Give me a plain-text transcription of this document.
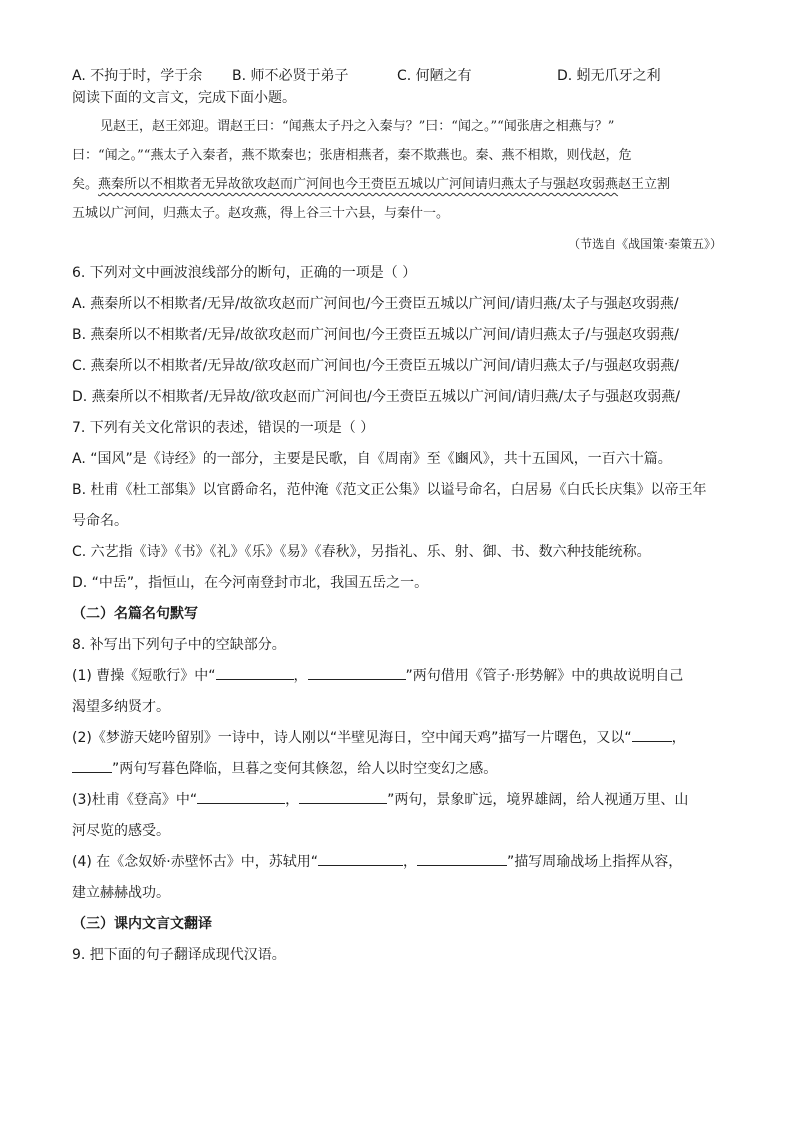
A. 不拘于时，学于余	B. 师不必贤于弟子	C. 何陋之有	D. 蚓无爪牙之利
阅读下面的文言文，完成下面小题。
见赵王，赵王郊迎。谓赵王曰：“闻燕太子丹之入秦与？”曰：“闻之。”“闻张唐之相燕与？”
曰：“闻之。”“燕太子入秦者，燕不欺秦也；张唐相燕者，秦不欺燕也。秦、燕不相欺，则伐赵，危
矣。燕秦所以不相欺者无异故欲攻赵而广河间也今王赍臣五城以广河间请归燕太子与强赵攻弱燕赵王立割
五城以广河间，归燕太子。赵攻燕，得上谷三十六县，与秦什一。
（节选自《战国策·秦策五》）
6. 下列对文中画波浪线部分的断句，正确的一项是（ ）
A. 燕秦所以不相欺者/无异/故欲攻赵而广河间也/今王赍臣五城以广河间/请归燕/太子与强赵攻弱燕/
B. 燕秦所以不相欺者/无异/故欲攻赵而广河间也/今王赍臣五城以广河间/请归燕太子/与强赵攻弱燕/
C. 燕秦所以不相欺者/无异故/欲攻赵而广河间也/今王赍臣五城以广河间/请归燕太子/与强赵攻弱燕/
D. 燕秦所以不相欺者/无异故/欲攻赵而广河间也/今王赍臣五城以广河间/请归燕/太子与强赵攻弱燕/
7. 下列有关文化常识的表述，错误的一项是（ ）
A. “国风”是《诗经》的一部分，主要是民歌，自《周南》至《豳风》，共十五国风，一百六十篇。
B. 杜甫《杜工部集》以官爵命名，范仲淹《范文正公集》以谥号命名，白居易《白氏长庆集》以帝王年
号命名。
C. 六艺指《诗》《书》《礼》《乐》《易》《春秋》，另指礼、乐、射、御、书、数六种技能统称。
D. “中岳”，指恒山，在今河南登封市北，我国五岳之一。
（二）名篇名句默写
8. 补写出下列句子中的空缺部分。
(1) 曹操《短歌行》中“	，	”两句借用《管子·形势解》中的典故说明自己
渴望多纳贤才。
(2)《梦游天姥吟留别》一诗中，诗人刚以“半壁见海日，空中闻天鸡”描写一片曙色，又以“	，
”两句写暮色降临，旦暮之变何其倏忽，给人以时空变幻之感。
(3)杜甫《登高》中“	，	”两句，景象旷远，境界雄阔，给人视通万里、山
河尽览的感受。
(4) 在《念奴娇·赤壁怀古》中，苏轼用“	，	”描写周瑜战场上指挥从容，
建立赫赫战功。
（三）课内文言文翻译
9. 把下面的句子翻译成现代汉语。
